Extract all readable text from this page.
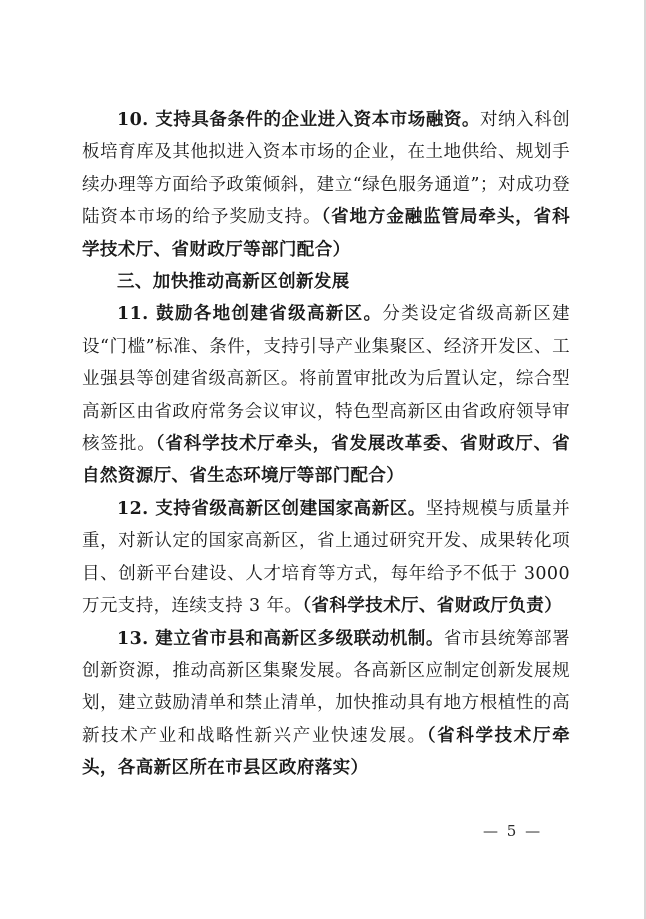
10. 支持具备条件的企业进入资本市场融资。对纳入科创板培育库及其他拟进入资本市场的企业，在土地供给、规划手续办理等方面给予政策倾斜，建立“绿色服务通道”；对成功登陆资本市场的给予奖励支持。（省地方金融监管局牵头，省科学技术厅、省财政厅等部门配合）

三、加快推动高新区创新发展

11. 鼓励各地创建省级高新区。分类设定省级高新区建设“门槛”标准、条件，支持引导产业集聚区、经济开发区、工业强县等创建省级高新区。将前置审批改为后置认定，综合型高新区由省政府常务会议审议，特色型高新区由省政府领导审核签批。（省科学技术厅牵头，省发展改革委、省财政厅、省自然资源厅、省生态环境厅等部门配合）

12. 支持省级高新区创建国家高新区。坚持规模与质量并重，对新认定的国家高新区，省上通过研究开发、成果转化项目、创新平台建设、人才培育等方式，每年给予不低于 3000 万元支持，连续支持 3 年。（省科学技术厅、省财政厅负责）

13. 建立省市县和高新区多级联动机制。省市县统筹部署创新资源，推动高新区集聚发展。各高新区应制定创新发展规划，建立鼓励清单和禁止清单，加快推动具有地方根植性的高新技术产业和战略性新兴产业快速发展。（省科学技术厅牵头，各高新区所在市县区政府落实）

— 5 —
